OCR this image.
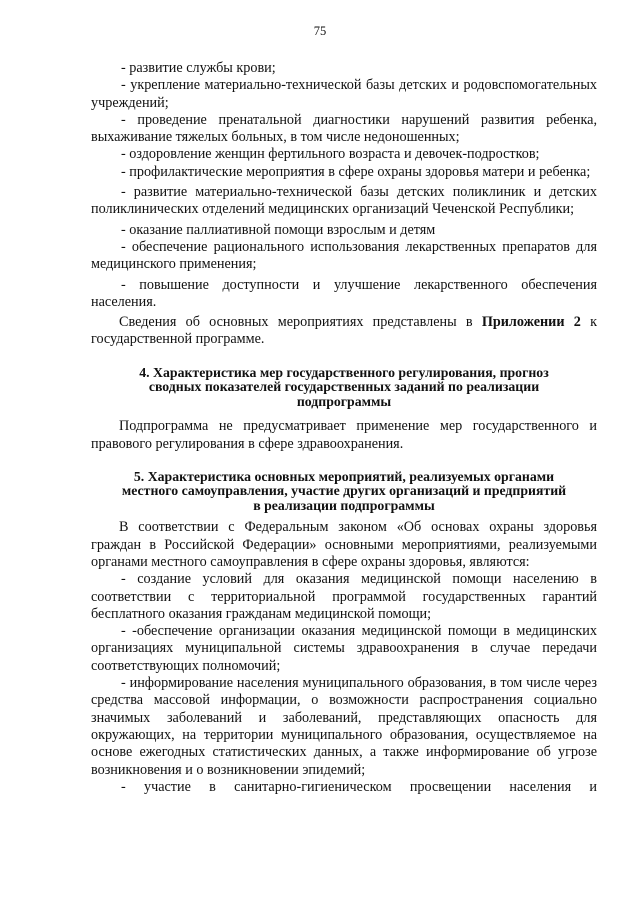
75

- развитие службы крови;

- укрепление материально-технической базы детских и родовспомогательных учреждений;

- проведение пренатальной диагностики нарушений развития ребенка, выхаживание тяжелых больных, в том числе недоношенных;

- оздоровление женщин фертильного возраста и девочек-подростков;

- профилактические мероприятия в сфере охраны здоровья матери и ребенка;

- развитие материально-технической базы детских поликлиник и детских поликлинических отделений медицинских организаций Чеченской Республики;

- оказание паллиативной помощи взрослым и детям

- обеспечение рационального использования лекарственных препаратов для медицинского применения;

- повышение доступности и улучшение лекарственного обеспечения населения.

Сведения об основных мероприятиях представлены в Приложении 2 к государственной программе.

4. Характеристика мер государственного регулирования, прогноз

сводных показателей государственных заданий по реализации

подпрограммы

Подпрограмма не предусматривает применение мер государственного и правового регулирования в сфере здравоохранения.

5. Характеристика основных мероприятий, реализуемых органами

местного самоуправления, участие других организаций и предприятий

в реализации подпрограммы

В соответствии с Федеральным законом «Об основах охраны здоровья граждан в Российской Федерации» основными мероприятиями, реализуемыми органами местного самоуправления в сфере охраны здоровья, являются:

- создание условий для оказания медицинской помощи населению в соответствии с территориальной программой государственных гарантий бесплатного оказания гражданам медицинской помощи;

- -обеспечение организации оказания медицинской помощи в медицинских организациях муниципальной системы здравоохранения в случае передачи соответствующих полномочий;

- информирование населения муниципального образования, в том числе через средства массовой информации, о возможности распространения социально значимых заболеваний и заболеваний, представляющих опасность для окружающих, на территории муниципального образования, осуществляемое на основе ежегодных статистических данных, а также информирование об угрозе возникновения и о возникновении эпидемий;

- участие в санитарно-гигиеническом просвещении населения и
